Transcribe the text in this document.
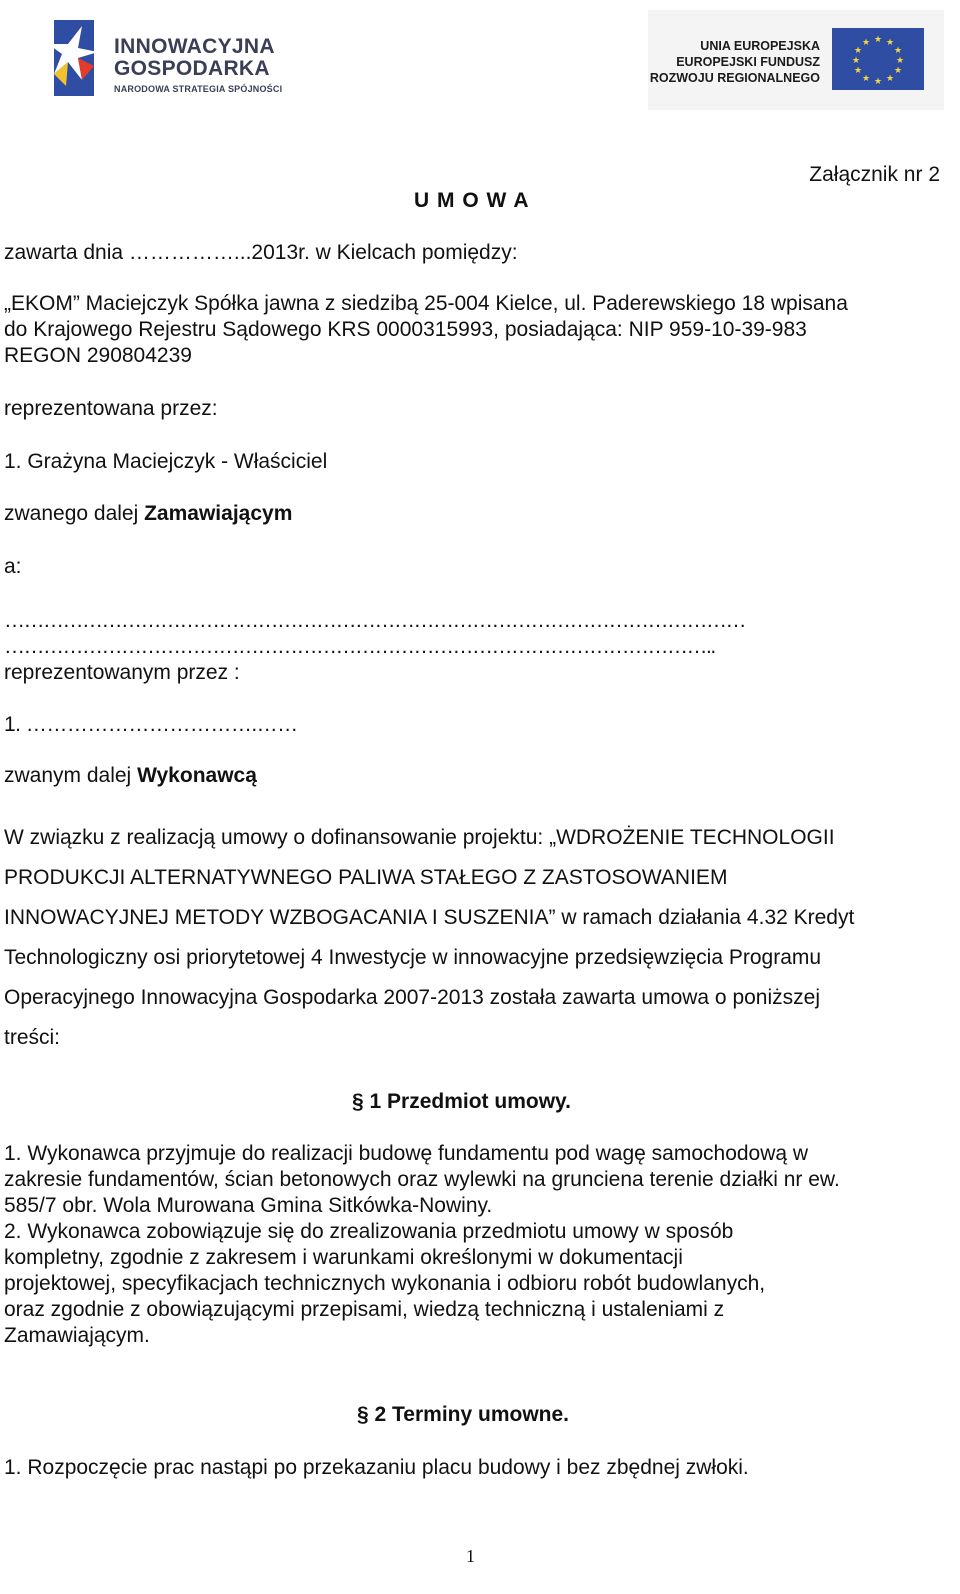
INNOWACYJNA
GOSPODARKA
NARODOWA STRATEGIA SPÓJNOŚCI
UNIA EUROPEJSKA
EUROPEJSKI FUNDUSZ
ROZWOJU REGIONALNEGO
★ ★
★
★
★
★
★
★
★
★
★
★
Załącznik nr 2
U M O W A
zawarta dnia ……………...2013r. w Kielcach pomiędzy:
„EKOM” Maciejczyk Spółka jawna z siedzibą 25-004 Kielce, ul. Paderewskiego 18 wpisana
do Krajowego Rejestru Sądowego KRS 0000315993, posiadająca: NIP 959-10-39-983
REGON 290804239
reprezentowana przez:
1. Grażyna Maciejczyk - Właściciel
zwanego dalej Zamawiającym
a:
……………………………………………………………………………………………………
………………………………………………………………………………………………..
reprezentowanym przez :
1. …………………………….……
zwanym dalej Wykonawcą
W związku z realizacją umowy o dofinansowanie projektu: „WDROŻENIE TECHNOLOGII
PRODUKCJI ALTERNATYWNEGO PALIWA STAŁEGO Z ZASTOSOWANIEM
INNOWACYJNEJ METODY WZBOGACANIA I SUSZENIA” w ramach działania 4.32 Kredyt
Technologiczny osi priorytetowej 4 Inwestycje w innowacyjne przedsięwzięcia Programu
Operacyjnego Innowacyjna Gospodarka 2007-2013 została zawarta umowa o poniższej
treści:
§ 1 Przedmiot umowy.
1. Wykonawca przyjmuje do realizacji budowę fundamentu pod wagę samochodową w
zakresie fundamentów, ścian betonowych oraz wylewki na gruncienа terenie działki nr ew.
585/7 obr. Wola Murowana Gmina Sitkówka-Nowiny.
2. Wykonawca zobowiązuje się do zrealizowania przedmiotu umowy w sposób
kompletny, zgodnie z zakresem i warunkami określonymi w dokumentacji
projektowej, specyfikacjach technicznych wykonania i odbioru robót budowlanych,
oraz zgodnie z obowiązującymi przepisami, wiedzą techniczną i ustaleniami z
Zamawiającym.
§ 2 Terminy umowne.
1. Rozpoczęcie prac nastąpi po przekazaniu placu budowy i bez zbędnej zwłoki.
1
